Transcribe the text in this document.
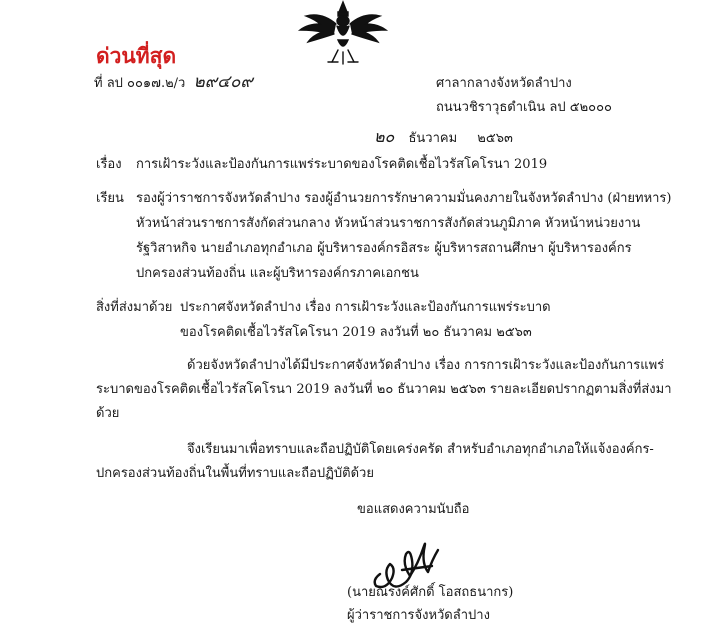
ด่วนที่สุด
ที่ ลป ๐๐๑๗.๒/ว ๒๙๔๐๙	ศาลากลางจังหวัดลำปาง
ถนนวชิราวุธดำเนิน ลป ๕๒๐๐๐
๒๐ ธันวาคม ๒๕๖๓
เรื่อง การเฝ้าระวังและป้องกันการแพร่ระบาดของโรคติดเชื้อไวรัสโคโรนา 2019
เรียน รองผู้ว่าราชการจังหวัดลำปาง รองผู้อำนวยการรักษาความมั่นคงภายในจังหวัดลำปาง (ฝ่ายทหาร)
หัวหน้าส่วนราชการสังกัดส่วนกลาง หัวหน้าส่วนราชการสังกัดส่วนภูมิภาค หัวหน้าหน่วยงาน
รัฐวิสาหกิจ นายอำเภอทุกอำเภอ ผู้บริหารองค์กรอิสระ ผู้บริหารสถานศึกษา ผู้บริหารองค์กร
ปกครองส่วนท้องถิ่น และผู้บริหารองค์กรภาคเอกชน
สิ่งที่ส่งมาด้วย ประกาศจังหวัดลำปาง เรื่อง การเฝ้าระวังและป้องกันการแพร่ระบาด
ของโรคติดเชื้อไวรัสโคโรนา 2019 ลงวันที่ ๒๐ ธันวาคม ๒๕๖๓
ด้วยจังหวัดลำปางได้มีประกาศจังหวัดลำปาง เรื่อง การการเฝ้าระวังและป้องกันการแพร่
ระบาดของโรคติดเชื้อไวรัสโคโรนา 2019 ลงวันที่ ๒๐ ธันวาคม ๒๕๖๓ รายละเอียดปรากฏตามสิ่งที่ส่งมา
ด้วย
จึงเรียนมาเพื่อทราบและถือปฏิบัติโดยเคร่งครัด สำหรับอำเภอทุกอำเภอให้แจ้งองค์กร-
ปกครองส่วนท้องถิ่นในพื้นที่ทราบและถือปฏิบัติด้วย
ขอแสดงความนับถือ
(นายณรงค์ศักดิ์ โอสถธนากร)
ผู้ว่าราชการจังหวัดลำปาง
